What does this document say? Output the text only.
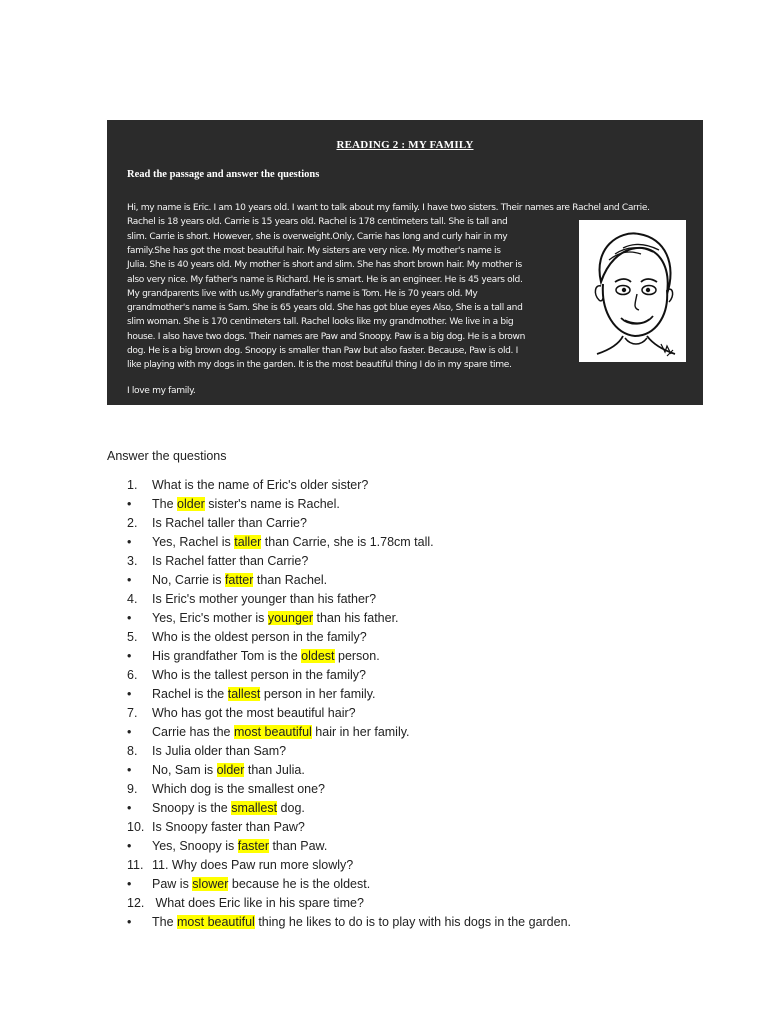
READING 2 : MY FAMILY
Read the passage and answer the questions
Hi, my name is Eric. I am 10 years old. I want to talk about my family. I have two sisters. Their names are Rachel and Carrie.
Rachel is 18 years old. Carrie is 15 years old. Rachel is 178 centimeters tall. She is tall and
slim. Carrie is short. However, she is overweight.Only, Carrie has long and curly hair in my
family.She has got the most beautiful hair. My sisters are very nice. My mother's name is
Julia. She is 40 years old. My mother is short and slim. She has short brown hair. My mother is
also very nice. My father's name is Richard. He is smart. He is an engineer. He is 45 years old.
My grandparents live with us.My grandfather's name is Tom. He is 70 years old. My
grandmother's name is Sam. She is 65 years old. She has got blue eyes Also, She is a tall and
slim woman. She is 170 centimeters tall. Rachel looks like my grandmother. We live in a big
house. I also have two dogs. Their names are Paw and Snoopy. Paw is a big dog. He is a brown
dog. He is a big brown dog. Snoopy is smaller than Paw but also faster. Because, Paw is old. I
like playing with my dogs in the garden. It is the most beautiful thing I do in my spare time.
I love my family.
Answer the questions
1. What is the name of Eric's older sister?
• The older sister's name is Rachel.
2. Is Rachel taller than Carrie?
• Yes, Rachel is taller than Carrie, she is 1.78cm tall.
3. Is Rachel fatter than Carrie?
• No, Carrie is fatter than Rachel.
4. Is Eric's mother younger than his father?
• Yes, Eric's mother is younger than his father.
5. Who is the oldest person in the family?
• His grandfather Tom is the oldest person.
6. Who is the tallest person in the family?
• Rachel is the tallest person in her family.
7. Who has got the most beautiful hair?
• Carrie has the most beautiful hair in her family.
8. Is Julia older than Sam?
• No, Sam is older than Julia.
9. Which dog is the smallest one?
• Snoopy is the smallest dog.
10. Is Snoopy faster than Paw?
• Yes, Snoopy is faster than Paw.
11. 11. Why does Paw run more slowly?
• Paw is slower because he is the oldest.
12. What does Eric like in his spare time?
• The most beautiful thing he likes to do is to play with his dogs in the garden.
